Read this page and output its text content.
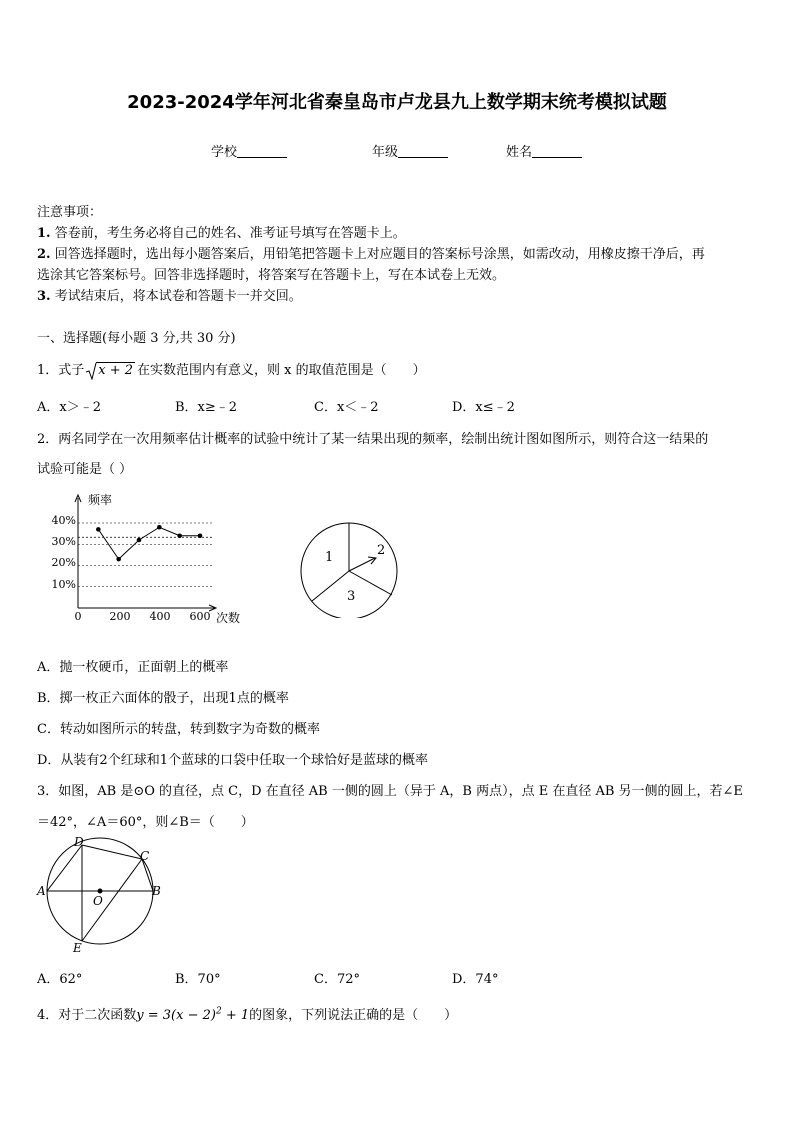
2023-2024学年河北省秦皇岛市卢龙县九上数学期末统考模拟试题
学校	年级	姓名
注意事项：
1. 答卷前，考生务必将自己的姓名、准考证号填写在答题卡上。
2. 回答选择题时，选出每小题答案后，用铅笔把答题卡上对应题目的答案标号涂黑，如需改动，用橡皮擦干净后，再
选涂其它答案标号。回答非选择题时，将答案写在答题卡上，写在本试卷上无效。
3. 考试结束后，将本试卷和答题卡一并交回。
一、选择题(每小题 3 分,共 30 分)
1．式子 x + 2 在实数范围内有意义，则 x 的取值范围是（　　）
A．x＞﹣2	B．x≥﹣2	C．x＜﹣2	D．x≤﹣2
2．两名同学在一次用频率估计概率的试验中统计了某一结果出现的频率，绘制出统计图如图所示，则符合这一结果的
试验可能是（ ）
频率
次数
40%
30%
20%
10%
0	200 400 600
1	2
3
A．抛一枚硬币，正面朝上的概率
B．掷一枚正六面体的骰子，出现1点的概率
C．转动如图所示的转盘，转到数字为奇数的概率
D．从装有2个红球和1个蓝球的口袋中任取一个球恰好是蓝球的概率
3．如图，AB 是⊙O 的直径，点 C，D 在直径 AB 一侧的圆上（异于 A，B 两点），点 E 在直径 AB 另一侧的圆上，若∠E
＝42°，∠A＝60°，则∠B＝（　　）
D
C
A
O
B
E
A．62°	B．70°	C．72°	D．74°
4．对于二次函数$y = 3(x - 2)^2 + 1$的图象，下列说法正确的是（　　）
